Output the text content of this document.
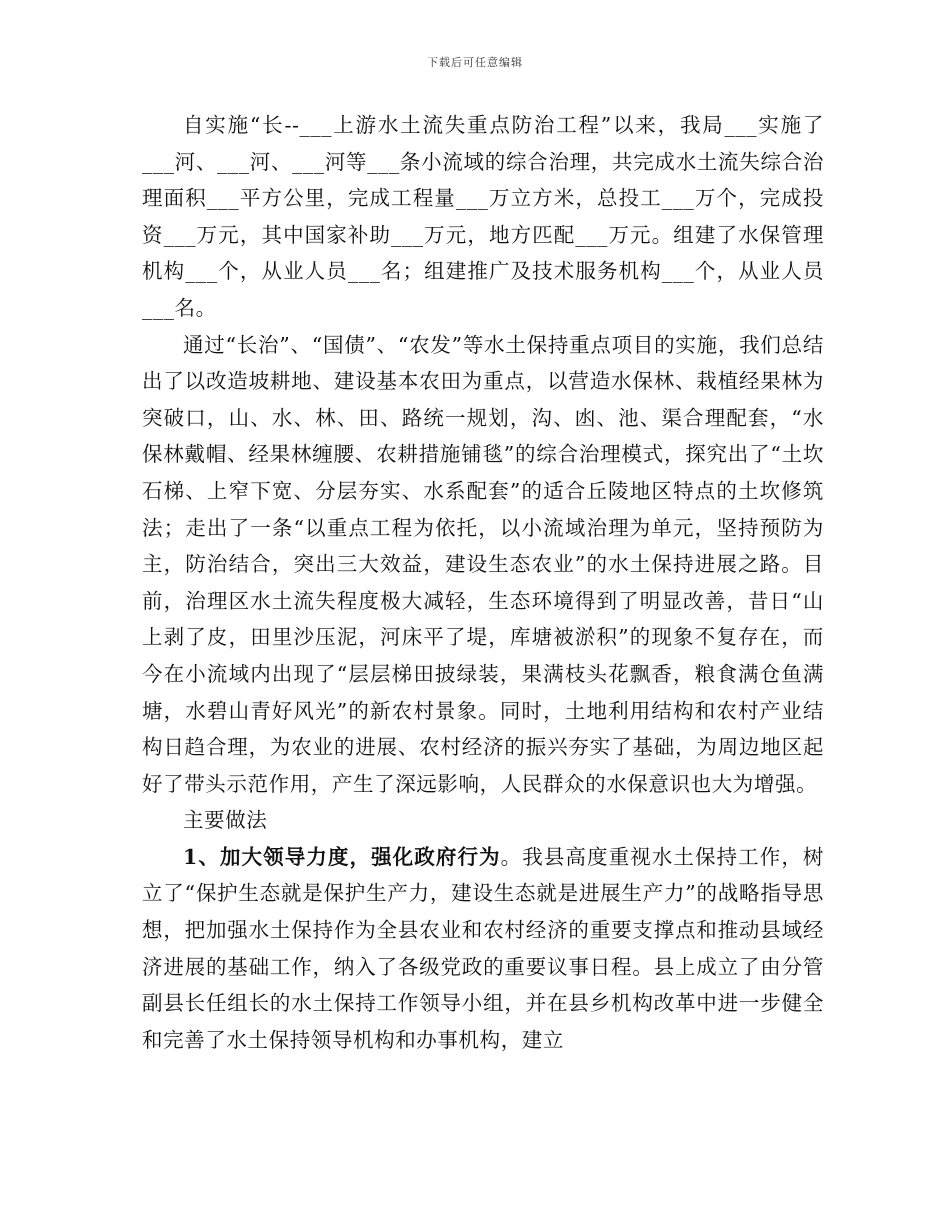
下载后可任意编辑

自实施“长--___上游水土流失重点防治工程”以来，我局___实施了___河、___河、___河等___条小流域的综合治理，共完成水土流失综合治理面积___平方公里，完成工程量___万立方米，总投工___万个，完成投资___万元，其中国家补助___万元，地方匹配___万元。组建了水保管理机构___个，从业人员___名；组建推广及技术服务机构___个，从业人员___名。

通过“长治”、“国债”、“农发”等水土保持重点项目的实施，我们总结出了以改造坡耕地、建设基本农田为重点，以营造水保林、栽植经果林为突破口，山、水、林、田、路统一规划，沟、凼、池、渠合理配套，“水保林戴帽、经果林缠腰、农耕措施铺毯”的综合治理模式，探究出了“土坎石梯、上窄下宽、分层夯实、水系配套”的适合丘陵地区特点的土坎修筑法；走出了一条“以重点工程为依托，以小流域治理为单元，坚持预防为主，防治结合，突出三大效益，建设生态农业”的水土保持进展之路。目前，治理区水土流失程度极大减轻，生态环境得到了明显改善，昔日“山上剥了皮，田里沙压泥，河床平了堤，库塘被淤积”的现象不复存在，而今在小流域内出现了“层层梯田披绿装，果满枝头花飘香，粮食满仓鱼满塘，水碧山青好风光”的新农村景象。同时，土地利用结构和农村产业结构日趋合理，为农业的进展、农村经济的振兴夯实了基础，为周边地区起好了带头示范作用，产生了深远影响，人民群众的水保意识也大为增强。

主要做法

1、加大领导力度，强化政府行为。我县高度重视水土保持工作，树立了“保护生态就是保护生产力，建设生态就是进展生产力”的战略指导思想，把加强水土保持作为全县农业和农村经济的重要支撑点和推动县域经济进展的基础工作，纳入了各级党政的重要议事日程。县上成立了由分管副县长任组长的水土保持工作领导小组，并在县乡机构改革中进一步健全和完善了水土保持领导机构和办事机构，建立
